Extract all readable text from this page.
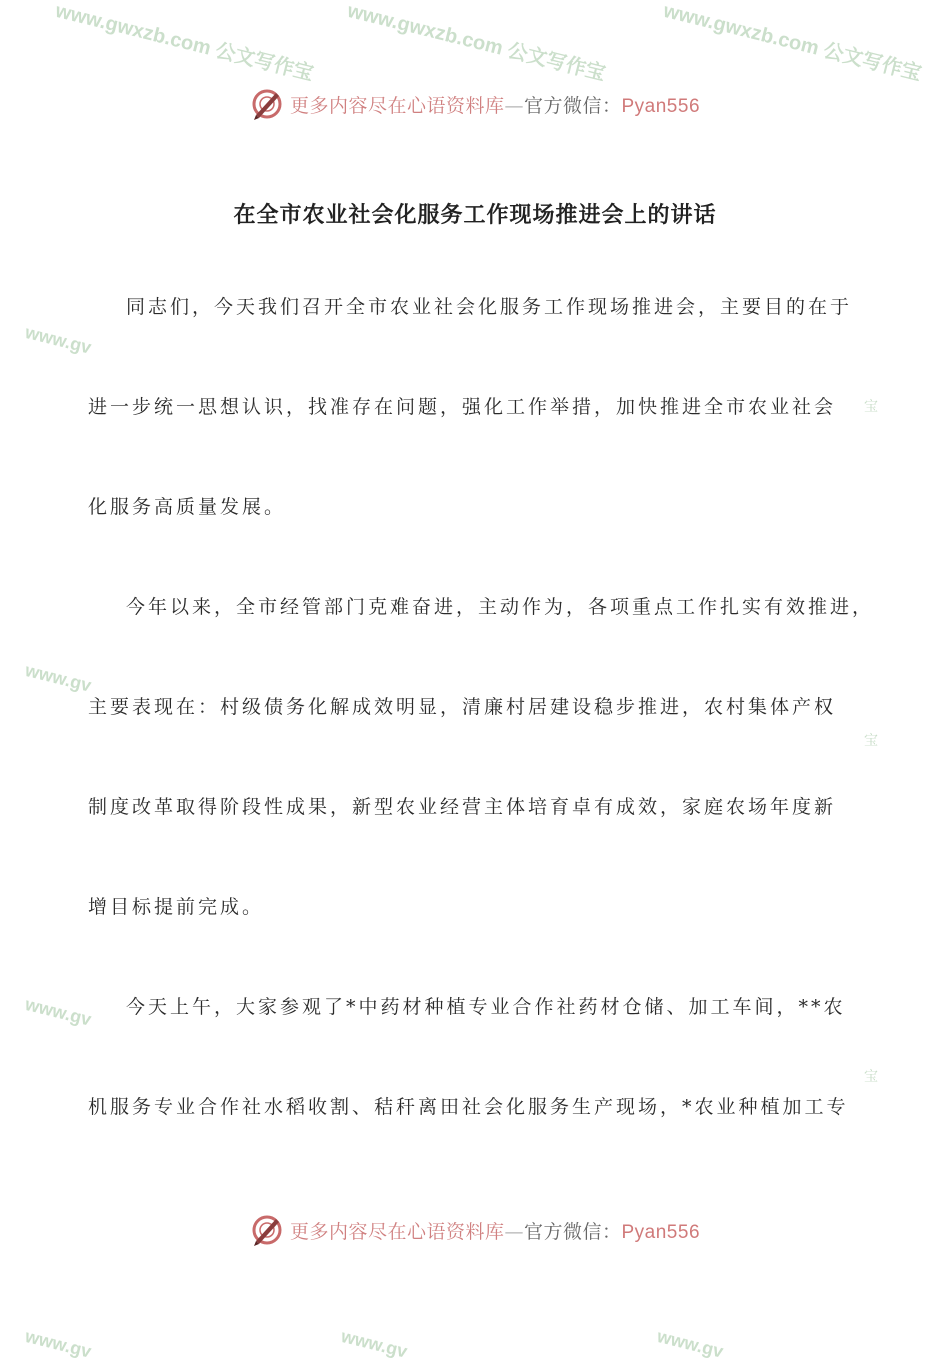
www.gwxzb.com 公文写作宝 www.gwxzb.com 公文写作宝	www.gwxzb.com 公文写作宝
www.gv
www.gv
www.gv
www.gv	www.gv	www.gv
宝
宝
宝
更多内容尽在心语资料库—官方微信：Pyan556
在全市农业社会化服务工作现场推进会上的讲话
同志们，今天我们召开全市农业社会化服务工作现场推进会，主要目的在于
进一步统一思想认识，找准存在问题，强化工作举措，加快推进全市农业社会
化服务高质量发展。
今年以来，全市经管部门克难奋进，主动作为，各项重点工作扎实有效推进，
主要表现在：村级债务化解成效明显，清廉村居建设稳步推进，农村集体产权
制度改革取得阶段性成果，新型农业经营主体培育卓有成效，家庭农场年度新
增目标提前完成。
今天上午，大家参观了*中药材种植专业合作社药材仓储、加工车间，**农
机服务专业合作社水稻收割、秸秆离田社会化服务生产现场，*农业种植加工专
更多内容尽在心语资料库—官方微信：Pyan556
